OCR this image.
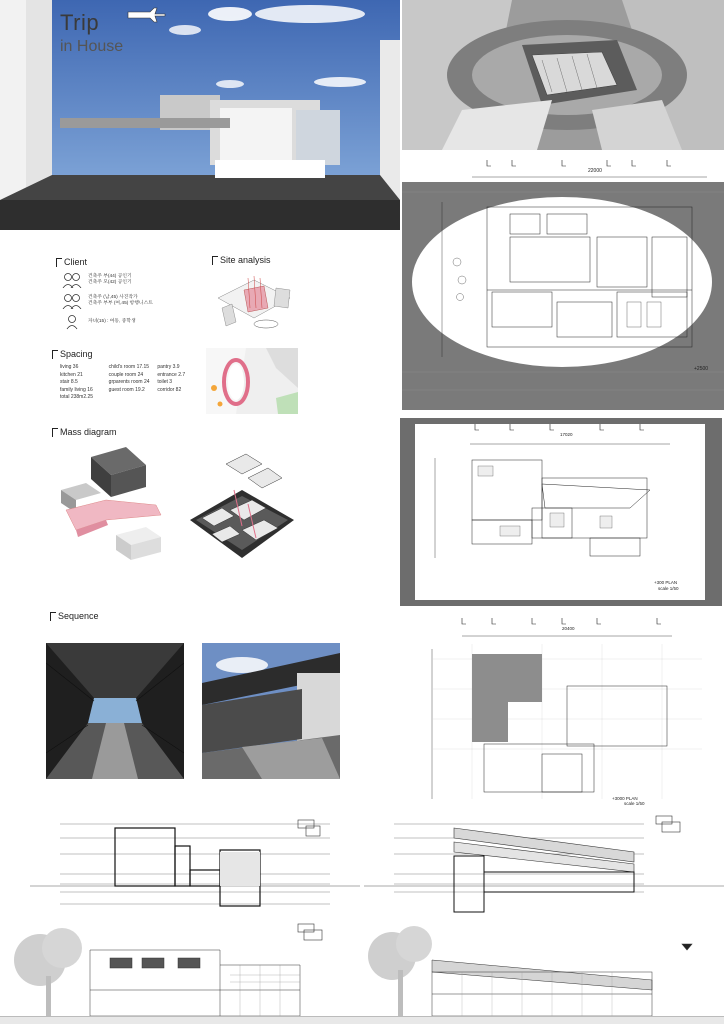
Trip
in House
22000
+2500
Client	Site analysis
Spacing
Mass diagram
Sequence
건축주 부(44) 공인기
건축주 모(42) 공인기
건축주 (남,45) 사진작가
건축주 부부 (여,45) 항행니스트
자녀(15) : 여동, 중학생
living 36
kitchen 21
stair 8.5
family living 16
child's room 17.15
couple room 24
grparents room 24
guest room 19.2
pantry 3.9
entrance 2.7
toilet 3
corridor 82
total 238m2.25
17020
+300 PLAN
scale 1/50
20400
+3000 PLAN
scale 1/50
